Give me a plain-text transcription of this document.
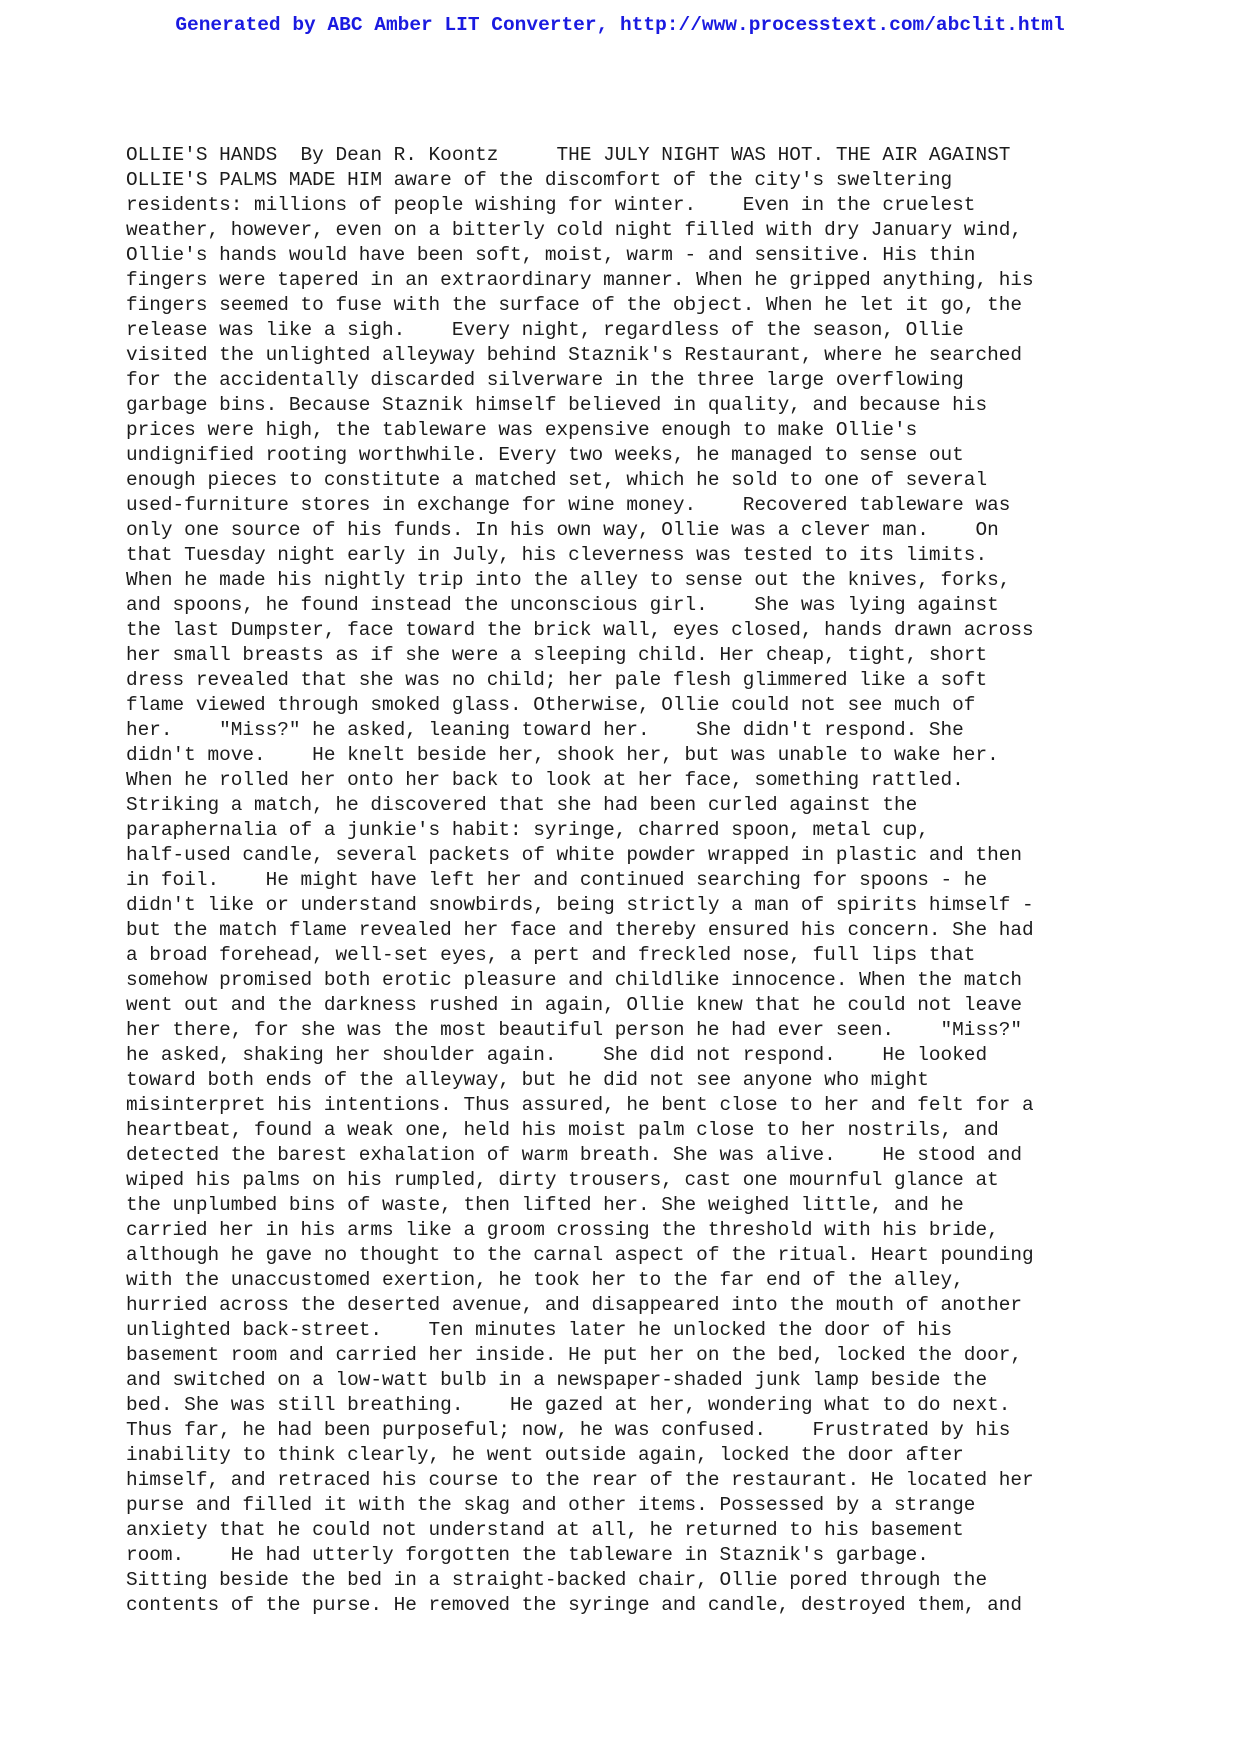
Generated by ABC Amber LIT Converter, http://www.processtext.com/abclit.html
OLLIE'S HANDS  By Dean R. Koontz     THE JULY NIGHT WAS HOT. THE AIR AGAINST
OLLIE'S PALMS MADE HIM aware of the discomfort of the city's sweltering
residents: millions of people wishing for winter.    Even in the cruelest
weather, however, even on a bitterly cold night filled with dry January wind,
Ollie's hands would have been soft, moist, warm - and sensitive. His thin
fingers were tapered in an extraordinary manner. When he gripped anything, his
fingers seemed to fuse with the surface of the object. When he let it go, the
release was like a sigh.    Every night, regardless of the season, Ollie
visited the unlighted alleyway behind Staznik's Restaurant, where he searched
for the accidentally discarded silverware in the three large overflowing
garbage bins. Because Staznik himself believed in quality, and because his
prices were high, the tableware was expensive enough to make Ollie's
undignified rooting worthwhile. Every two weeks, he managed to sense out
enough pieces to constitute a matched set, which he sold to one of several
used-furniture stores in exchange for wine money.    Recovered tableware was
only one source of his funds. In his own way, Ollie was a clever man.    On
that Tuesday night early in July, his cleverness was tested to its limits.
When he made his nightly trip into the alley to sense out the knives, forks,
and spoons, he found instead the unconscious girl.    She was lying against
the last Dumpster, face toward the brick wall, eyes closed, hands drawn across
her small breasts as if she were a sleeping child. Her cheap, tight, short
dress revealed that she was no child; her pale flesh glimmered like a soft
flame viewed through smoked glass. Otherwise, Ollie could not see much of
her.    "Miss?" he asked, leaning toward her.    She didn't respond. She
didn't move.    He knelt beside her, shook her, but was unable to wake her.
When he rolled her onto her back to look at her face, something rattled.
Striking a match, he discovered that she had been curled against the
paraphernalia of a junkie's habit: syringe, charred spoon, metal cup,
half-used candle, several packets of white powder wrapped in plastic and then
in foil.    He might have left her and continued searching for spoons - he
didn't like or understand snowbirds, being strictly a man of spirits himself -
but the match flame revealed her face and thereby ensured his concern. She had
a broad forehead, well-set eyes, a pert and freckled nose, full lips that
somehow promised both erotic pleasure and childlike innocence. When the match
went out and the darkness rushed in again, Ollie knew that he could not leave
her there, for she was the most beautiful person he had ever seen.    "Miss?"
he asked, shaking her shoulder again.    She did not respond.    He looked
toward both ends of the alleyway, but he did not see anyone who might
misinterpret his intentions. Thus assured, he bent close to her and felt for a
heartbeat, found a weak one, held his moist palm close to her nostrils, and
detected the barest exhalation of warm breath. She was alive.    He stood and
wiped his palms on his rumpled, dirty trousers, cast one mournful glance at
the unplumbed bins of waste, then lifted her. She weighed little, and he
carried her in his arms like a groom crossing the threshold with his bride,
although he gave no thought to the carnal aspect of the ritual. Heart pounding
with the unaccustomed exertion, he took her to the far end of the alley,
hurried across the deserted avenue, and disappeared into the mouth of another
unlighted back-street.    Ten minutes later he unlocked the door of his
basement room and carried her inside. He put her on the bed, locked the door,
and switched on a low-watt bulb in a newspaper-shaded junk lamp beside the
bed. She was still breathing.    He gazed at her, wondering what to do next.
Thus far, he had been purposeful; now, he was confused.    Frustrated by his
inability to think clearly, he went outside again, locked the door after
himself, and retraced his course to the rear of the restaurant. He located her
purse and filled it with the skag and other items. Possessed by a strange
anxiety that he could not understand at all, he returned to his basement
room.    He had utterly forgotten the tableware in Staznik's garbage.
Sitting beside the bed in a straight-backed chair, Ollie pored through the
contents of the purse. He removed the syringe and candle, destroyed them, and
